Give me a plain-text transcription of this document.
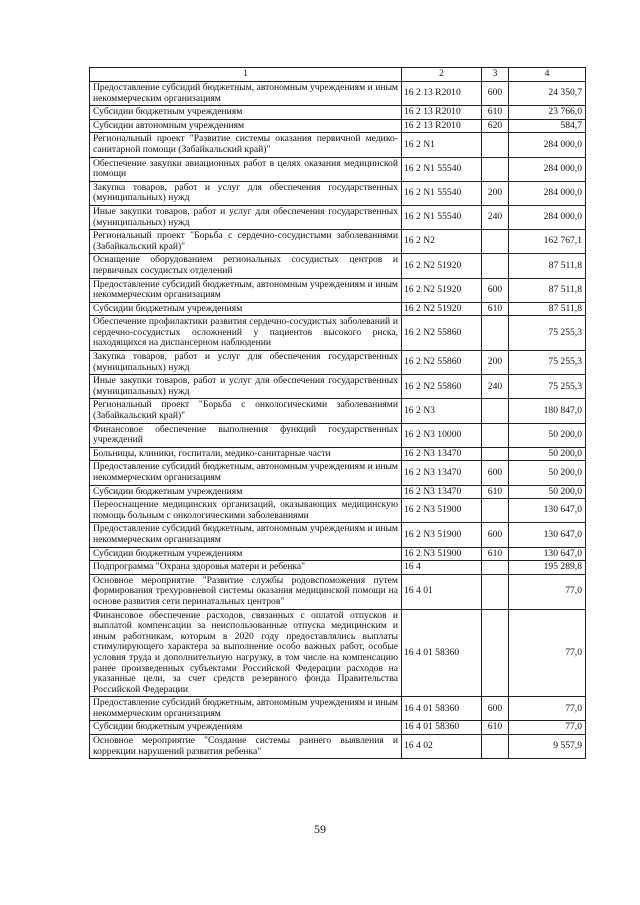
1	2	3	4
Предоставление субсидий бюджетным, автономным учреждениям и иным некоммерческим организациям	16 2 13 R2010	600	24 350,7
Субсидии бюджетным учреждениям	16 2 13 R2010	610	23 766,0
Субсидии автономным учреждениям	16 2 13 R2010	620	584,7
Региональный проект "Развитие системы оказания первичной медико-санитарной помощи (Забайкальский край)"	16 2 N1		284 000,0
Обеспечение закупки авиационных работ в целях оказания медицинской помощи	16 2 N1 55540		284 000,0
Закупка товаров, работ и услуг для обеспечения государственных (муниципальных) нужд	16 2 N1 55540	200	284 000,0
Иные закупки товаров, работ и услуг для обеспечения государственных (муниципальных) нужд	16 2 N1 55540	240	284 000,0
Региональный проект "Борьба с сердечно-сосудистыми заболеваниями (Забайкальский край)"	16 2 N2		162 767,1
Оснащение оборудованием региональных сосудистых центров и первичных сосудистых отделений	16 2 N2 51920		87 511,8
Предоставление субсидий бюджетным, автономным учреждениям и иным некоммерческим организациям	16 2 N2 51920	600	87 511,8
Субсидии бюджетным учреждениям	16 2 N2 51920	610	87 511,8
Обеспечение профилактики развития сердечно-сосудистых заболеваний и сердечно-сосудистых осложнений у пациентов высокого риска, находящихся на диспансерном наблюдении	16 2 N2 55860		75 255,3
Закупка товаров, работ и услуг для обеспечения государственных (муниципальных) нужд	16 2 N2 55860	200	75 255,3
Иные закупки товаров, работ и услуг для обеспечения государственных (муниципальных) нужд	16 2 N2 55860	240	75 255,3
Региональный проект "Борьба с онкологическими заболеваниями (Забайкальский край)"	16 2 N3		180 847,0
Финансовое обеспечение выполнения функций государственных учреждений	16 2 N3 10000		50 200,0
Больницы, клиники, госпитали, медико-санитарные части	16 2 N3 13470		50 200,0
Предоставление субсидий бюджетным, автономным учреждениям и иным некоммерческим организациям	16 2 N3 13470	600	50 200,0
Субсидии бюджетным учреждениям	16 2 N3 13470	610	50 200,0
Переоснащение медицинских организаций, оказывающих медицинскую помощь больным с онкологическими заболеваниями	16 2 N3 51900		130 647,0
Предоставление субсидий бюджетным, автономным учреждениям и иным некоммерческим организациям	16 2 N3 51900	600	130 647,0
Субсидии бюджетным учреждениям	16 2 N3 51900	610	130 647,0
Подпрограмма "Охрана здоровья матери и ребенка"	16 4		195 289,8
Основное мероприятие "Развитие службы родовспоможения путем формирования трехуровневой системы оказания медицинской помощи на основе развития сети перинатальных центров"	16 4 01		77,0
Финансовое обеспечение расходов, связанных с оплатой отпусков и выплатой компенсации за неиспользованные отпуска медицинским и иным работникам, которым в 2020 году предоставлялись выплаты стимулирующего характера за выполнение особо важных работ, особые условия труда и дополнительную нагрузку, в том числе на компенсацию ранее произведенных субъектами Российской Федерации расходов на указанные цели, за счет средств резервного фонда Правительства Российской Федерации	16 4 01 58360		77,0
Предоставление субсидий бюджетным, автономным учреждениям и иным некоммерческим организациям	16 4 01 58360	600	77,0
Субсидии бюджетным учреждениям	16 4 01 58360	610	77,0
Основное мероприятие "Создание системы раннего выявления и коррекции нарушений развития ребенка"	16 4 02		9 557,9
59
